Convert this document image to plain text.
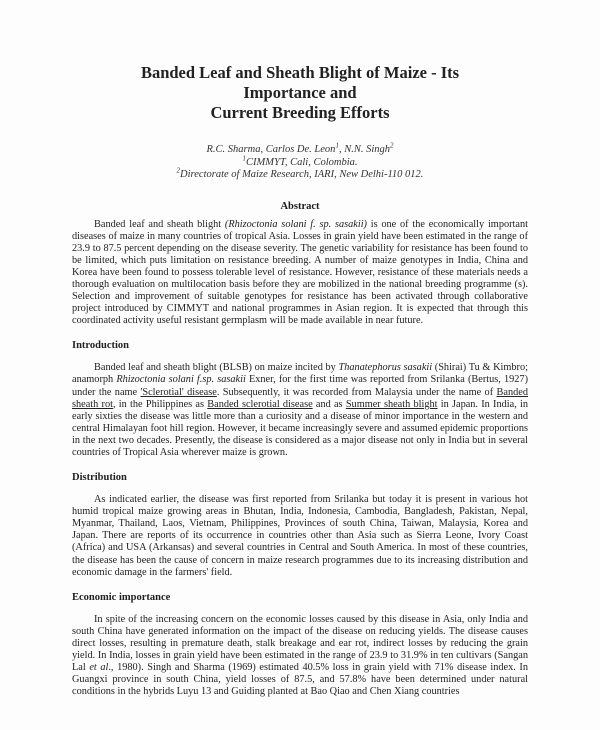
Banded Leaf and Sheath Blight of Maize - Its Importance and
Current Breeding Efforts
R.C. Sharma, Carlos De. Leon$^1$, N.N. Singh$^2$
$^1$CIMMYT, Cali, Colombia.
$^2$Directorate of Maize Research, IARI, New Delhi-110 012.
Abstract
Banded leaf and sheath blight (Rhizoctonia solani f. sp. sasakii) is one of the economically important diseases of maize in many countries of tropical Asia. Losses in grain yield have been estimated in the range of 23.9 to 87.5 percent depending on the disease severity. The genetic variability for resistance has been found to be limited, which puts limitation on resistance breeding. A number of maize genotypes in India, China and Korea have been found to possess tolerable level of resistance. However, resistance of these materials needs a thorough evaluation on multilocation basis before they are mobilized in the national breeding programme (s). Selection and improvement of suitable genotypes for resistance has been activated through collaborative project introduced by CIMMYT and national programmes in Asian region. It is expected that through this coordinated activity useful resistant germplasm will be made available in near future.
Introduction
Banded leaf and sheath blight (BLSB) on maize incited by Thanatephorus sasakii (Shirai) Tu & Kimbro; anamorph Rhizoctonia solani f.sp. sasakii Exner, for the first time was reported from Srilanka (Bertus, 1927) under the name 'Sclerotial' disease. Subsequently, it was recorded from Malaysia under the name of Banded sheath rot, in the Philippines as Banded sclerotial disease and as Summer sheath blight in Japan. In India, in early sixties the disease was little more than a curiosity and a disease of minor importance in the western and central Himalayan foot hill region. However, it became increasingly severe and assumed epidemic proportions in the next two decades. Presently, the disease is considered as a major disease not only in India but in several countries of Tropical Asia wherever maize is grown.
Distribution
As indicated earlier, the disease was first reported from Srilanka but today it is present in various hot humid tropical maize growing areas in Bhutan, India, Indonesia, Cambodia, Bangladesh, Pakistan, Nepal, Myanmar, Thailand, Laos, Vietnam, Philippines, Provinces of south China, Taiwan, Malaysia, Korea and Japan. There are reports of its occurrence in countries other than Asia such as Sierra Leone, Ivory Coast (Africa) and USA (Arkansas) and several countries in Central and South America. In most of these countries, the disease has been the cause of concern in maize research programmes due to its increasing distribution and economic damage in the farmers' field.
Economic importance
In spite of the increasing concern on the economic losses caused by this disease in Asia, only India and south China have generated information on the impact of the disease on reducing yields. The disease causes direct losses, resulting in premature death, stalk breakage and ear rot, indirect losses by reducing the grain yield. In India, losses in grain yield have been estimated in the range of 23.9 to 31.9% in ten cultivars (Sangan Lal et al., 1980). Singh and Sharma (1969) estimated 40.5% loss in grain yield with 71% disease index. In Guangxi province in south China, yield losses of 87.5, and 57.8% have been determined under natural conditions in the hybrids Luyu 13 and Guiding planted at Bao Qiao and Chen Xiang countries
